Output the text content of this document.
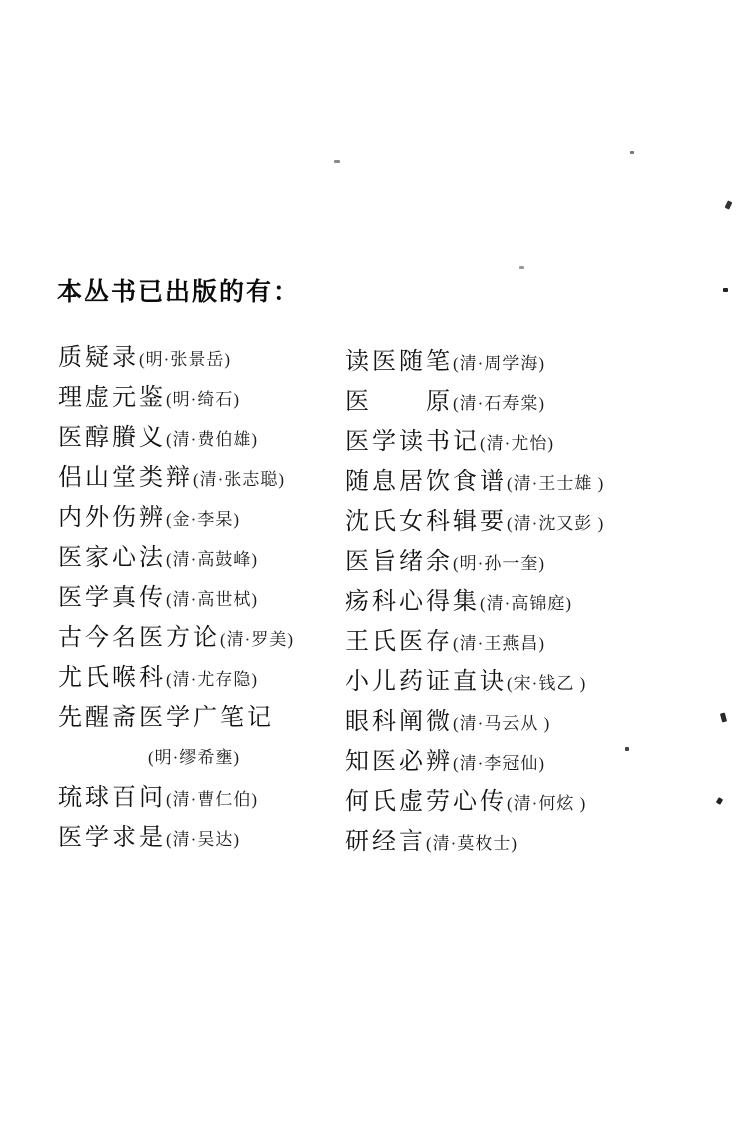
本丛书已出版的有：
质疑录(明·张景岳)
理虚元鉴(明·绮石)
医醇賸义(清·费伯雄)
侣山堂类辩(清·张志聪)
内外伤辨(金·李杲)
医家心法(清·高鼓峰)
医学真传(清·高世栻)
古今名医方论(清·罗美)
尤氏喉科(清·尤存隐)
先醒斋医学广笔记
(明·缪希壅)
琉球百问(清·曹仁伯)
医学求是(清·吴达)
读医随笔(清·周学海)
医　　原(清·石寿棠)
医学读书记(清·尤怡)
随息居饮食谱(清·王士雄 )
沈氏女科辑要(清·沈又彭 )
医旨绪余(明·孙一奎)
疡科心得集(清·高锦庭)
王氏医存(清·王燕昌)
小儿药证直诀(宋·钱乙 )
眼科阐微(清·马云从 )
知医必辨(清·李冠仙)
何氏虚劳心传(清·何炫 )
研经言(清·莫枚士)
